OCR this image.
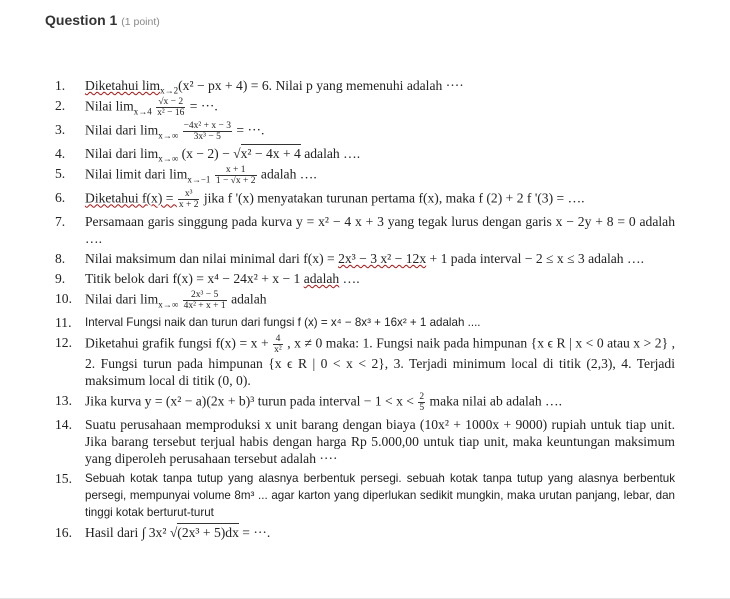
Question 1 (1 point)
1. Diketahui $\lim_{x\to 2}(x^2$ − px + 4) = 6. Nilai p yang memenuhi adalah ····
2. Nilai $\lim_{x\to 4} \frac{√x - 2}{\text{x² − 16}}$ = ···.
3. Nilai dari $\lim_{x\to\infty} \frac{\text{−4x² + x − 3}}{\text{3x³ − 5}}$ = ···.
4. Nilai dari $\lim_{x\to\infty} (x - 2) - √x^2 - 4x + 4$ adalah ….
5. Nilai limit dari $\lim_{x\to-1} \frac{x + 1}{1 - √x + 2}$ adalah ….
6. Diketahui $f(x) = \frac{\text{x³}}{x + 2}$ jika f '(x) menyatakan turunan pertama f(x), maka f (2) + 2 f '(3) = ….
7. Persamaan garis singgung pada kurva y = x² − 4 x + 3 yang tegak lurus dengan garis x − 2y + 8 = 0 adalah ….
8. Nilai maksimum dan nilai minimal dari f(x) = 2x³ − 3 x² − 12x + 1 pada interval − 2 ≤ x ≤ 3 adalah ….
9. Titik belok dari f(x) = x⁴ − 24x² + x − 1 adalah ….
10. Nilai dari $\lim_{x\to\infty} \frac{\text{2x³ − 5}}{\text{4x² + x + 1}}$ adalah
11. Interval Fungsi naik dan turun dari fungsi f (x) = x⁴ − 8x³ + 16x² + 1 adalah ....
12. Diketahui grafik fungsi $f(x) = x + \frac{4}{\text{x²}}$ , x ≠ 0 maka: 1. Fungsi naik pada himpunan {x ϵ R | x < 0 atau x > 2} , 2. Fungsi turun pada himpunan {x ϵ R | 0 < x < 2}, 3. Terjadi minimum local di titik (2,3), 4. Terjadi maksimum local di titik (0, 0).
13. Jika kurva y = (x² − a)(2x + b)³ turun pada interval − $1 < x < \frac{2}{5}$ maka nilai ab adalah ….
14. Suatu perusahaan memproduksi x unit barang dengan biaya (10x² + 1000x + 9000) rupiah untuk tiap unit. Jika barang tersebut terjual habis dengan harga Rp 5.000,00 untuk tiap unit, maka keuntungan maksimum yang diperoleh perusahaan tersebut adalah ····
15. Sebuah kotak tanpa tutup yang alasnya berbentuk persegi. sebuah kotak tanpa tutup yang alasnya berbentuk persegi, mempunyai volume 8m³ ... agar karton yang diperlukan sedikit mungkin, maka urutan panjang, lebar, dan tinggi kotak berturut-turut
16. Hasil dari ∫ 3x² √(2x³ + 5)dx = ···.
